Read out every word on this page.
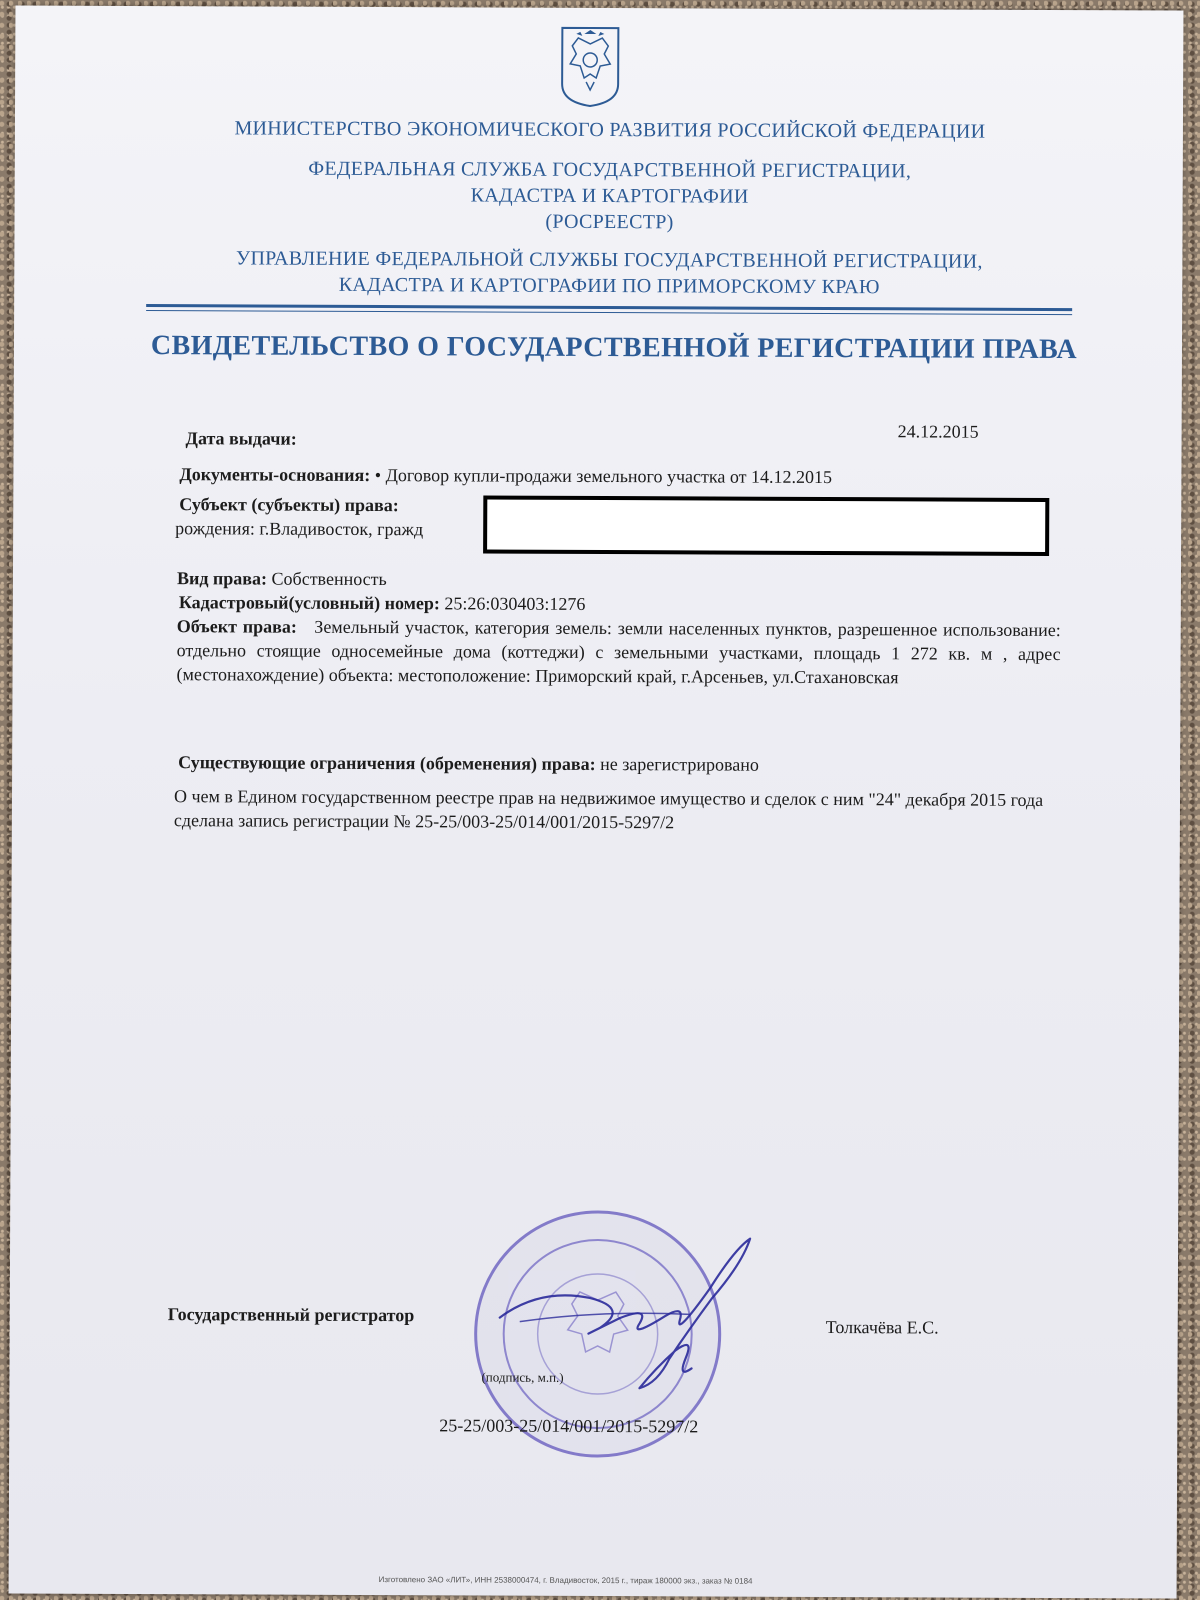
МИНИСТЕРСТВО ЭКОНОМИЧЕСКОГО РАЗВИТИЯ РОССИЙСКОЙ ФЕДЕРАЦИИ
ФЕДЕРАЛЬНАЯ СЛУЖБА ГОСУДАРСТВЕННОЙ РЕГИСТРАЦИИ,
КАДАСТРА И КАРТОГРАФИИ
(РОСРЕЕСТР)
УПРАВЛЕНИЕ ФЕДЕРАЛЬНОЙ СЛУЖБЫ ГОСУДАРСТВЕННОЙ РЕГИСТРАЦИИ,
КАДАСТРА И КАРТОГРАФИИ ПО ПРИМОРСКОМУ КРАЮ
СВИДЕТЕЛЬСТВО О ГОСУДАРСТВЕННОЙ РЕГИСТРАЦИИ ПРАВА
Дата выдачи:	24.12.2015
Документы-основания: • Договор купли-продажи земельного участка от 14.12.2015
Субъект (субъекты) права:
рождения: г.Владивосток, гражд
Вид права: Собственность
Кадастровый(условный) номер: 25:26:030403:1276
Объект права: Земельный участок, категория земель: земли населенных пунктов, разрешенное использование: отдельно стоящие односемейные дома (коттеджи) с земельными участками, площадь 1 272 кв. м , адрес (местонахождение) объекта: местоположение: Приморский край, г.Арсеньев, ул.Стахановская
Существующие ограничения (обременения) права: не зарегистрировано
О чем в Едином государственном реестре прав на недвижимое имущество и сделок с ним "24" декабря 2015 года сделана запись регистрации № 25-25/003-25/014/001/2015-5297/2
Государственный регистратор
Толкачёва Е.С.
(подпись, м.п.)
25-25/003-25/014/001/2015-5297/2
Изготовлено ЗАО «ЛИТ», ИНН 2538000474, г. Владивосток, 2015 г., тираж 180000 экз., заказ № 0184
